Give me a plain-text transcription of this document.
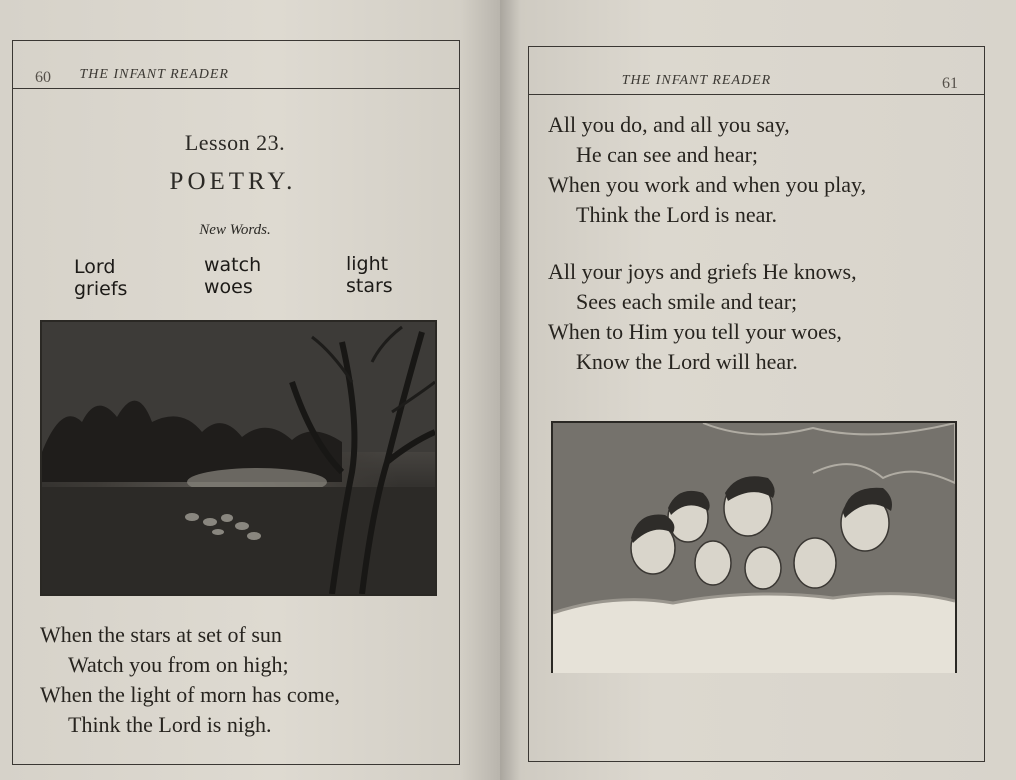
60	THE INFANT READER
Lesson 23.
POETRY.
New Words.
Lord
griefs
watch
woes
light
stars
When the stars at set of sun
Watch you from on high;
When the light of morn has come,
Think the Lord is nigh.
THE INFANT READER	61
All you do, and all you say,
He can see and hear;
When you work and when you play,
Think the Lord is near.
All your joys and griefs He knows,
Sees each smile and tear;
When to Him you tell your woes,
Know the Lord will hear.
